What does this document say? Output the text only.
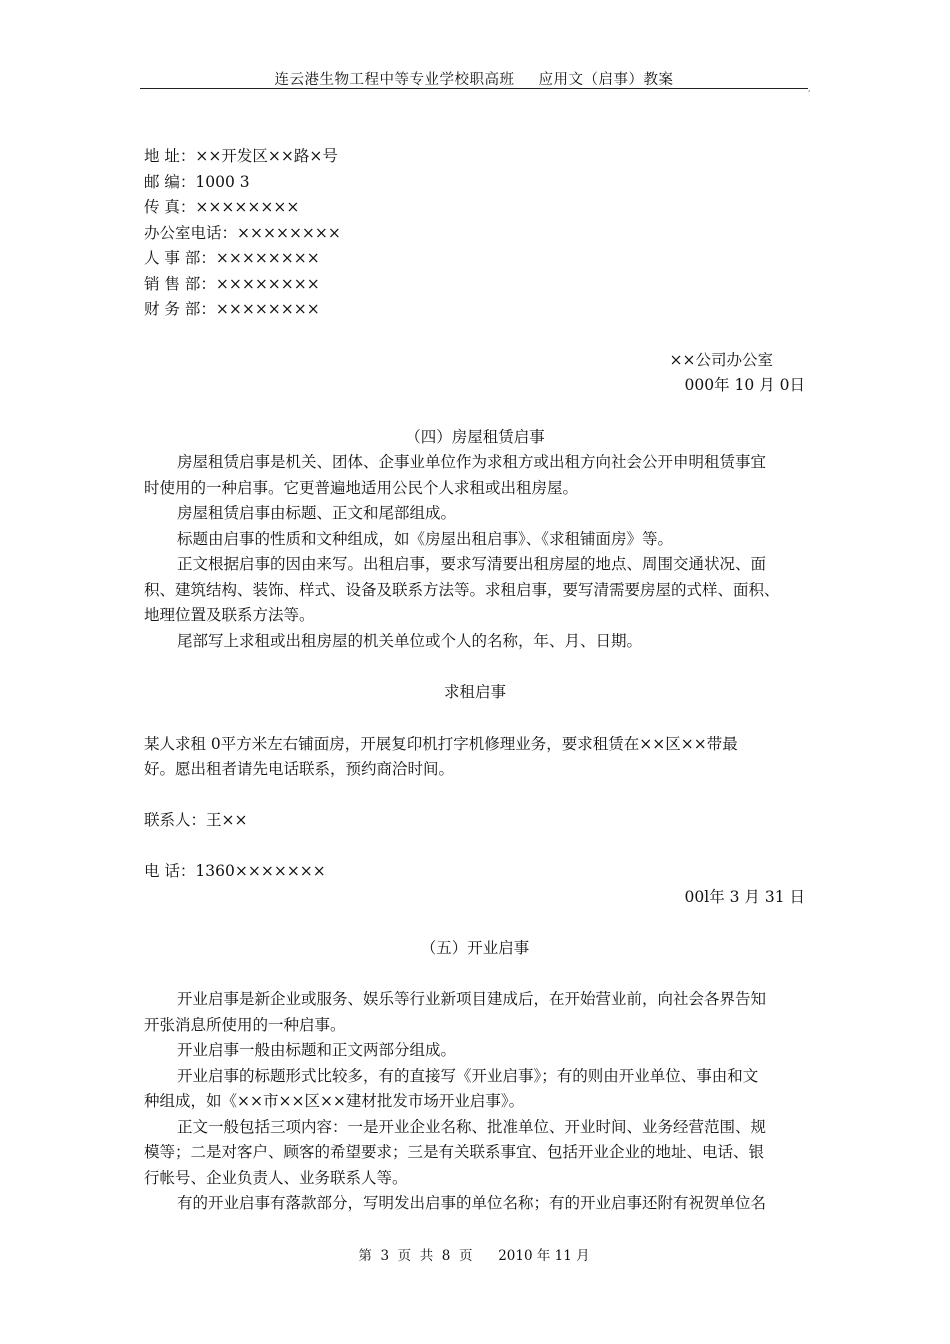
连云港生物工程中等专业学校职高班 应用文（启事）教案
,
地 址：××开发区××路×号
邮 编：1000 3
传 真：××××××××
办公室电话：××××××××
人 事 部：××××××××
销 售 部：××××××××
财 务 部：××××××××
××公司办公室
000年 10 月 0日
（四）房屋租赁启事
房屋租赁启事是机关、团体、企事业单位作为求租方或出租方向社会公开申明租赁事宜
时使用的一种启事。它更普遍地适用公民个人求租或出租房屋。
房屋租赁启事由标题、正文和尾部组成。
标题由启事的性质和文种组成，如《房屋出租启事》、《求租铺面房》等。
正文根据启事的因由来写。出租启事，要求写清要出租房屋的地点、周围交通状况、面
积、建筑结构、装饰、样式、设备及联系方法等。求租启事，要写清需要房屋的式样、面积、
地理位置及联系方法等。
尾部写上求租或出租房屋的机关单位或个人的名称，年、月、日期。
求租启事
某人求租 0平方米左右铺面房，开展复印机打字机修理业务，要求租赁在××区××带最
好。愿出租者请先电话联系，预约商洽时间。
联系人：王××
电 话：1360×××××××
00l年 3 月 31 日
（五）开业启事
开业启事是新企业或服务、娱乐等行业新项目建成后，在开始营业前，向社会各界告知
开张消息所使用的一种启事。
开业启事一般由标题和正文两部分组成。
开业启事的标题形式比较多，有的直接写《开业启事》；有的则由开业单位、事由和文
种组成，如《××市××区××建材批发市场开业启事》。
正文一般包括三项内容：一是开业企业名称、批准单位、开业时间、业务经营范围、规
模等；二是对客户、顾客的希望要求；三是有关联系事宜、包括开业企业的地址、电话、银
行帐号、企业负责人、业务联系人等。
有的开业启事有落款部分，写明发出启事的单位名称；有的开业启事还附有祝贺单位名
第  3  页  共  8  页      2010 年 11 月
